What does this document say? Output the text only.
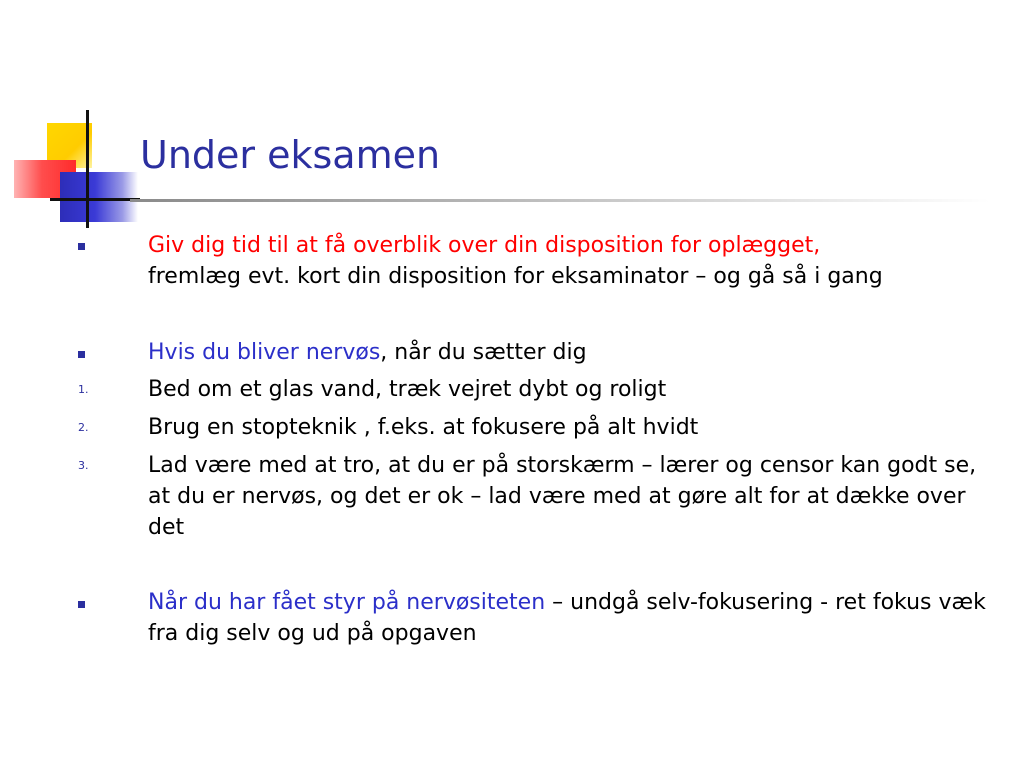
Under eksamen
Giv dig tid til at få overblik over din disposition for oplægget,
fremlæg evt. kort din disposition for eksaminator – og gå så i gang
Hvis du bliver nervøs, når du sætter dig
1.	Bed om et glas vand, træk vejret dybt og roligt
2.	Brug en stopteknik , f.eks. at fokusere på alt hvidt
3.	Lad være med at tro, at du er på storskærm – lærer og censor kan godt se, at du er nervøs, og det er ok – lad være med at gøre alt for at dække over det
Når du har fået styr på nervøsiteten – undgå selv-fokusering - ret fokus væk fra dig selv og ud på opgaven
